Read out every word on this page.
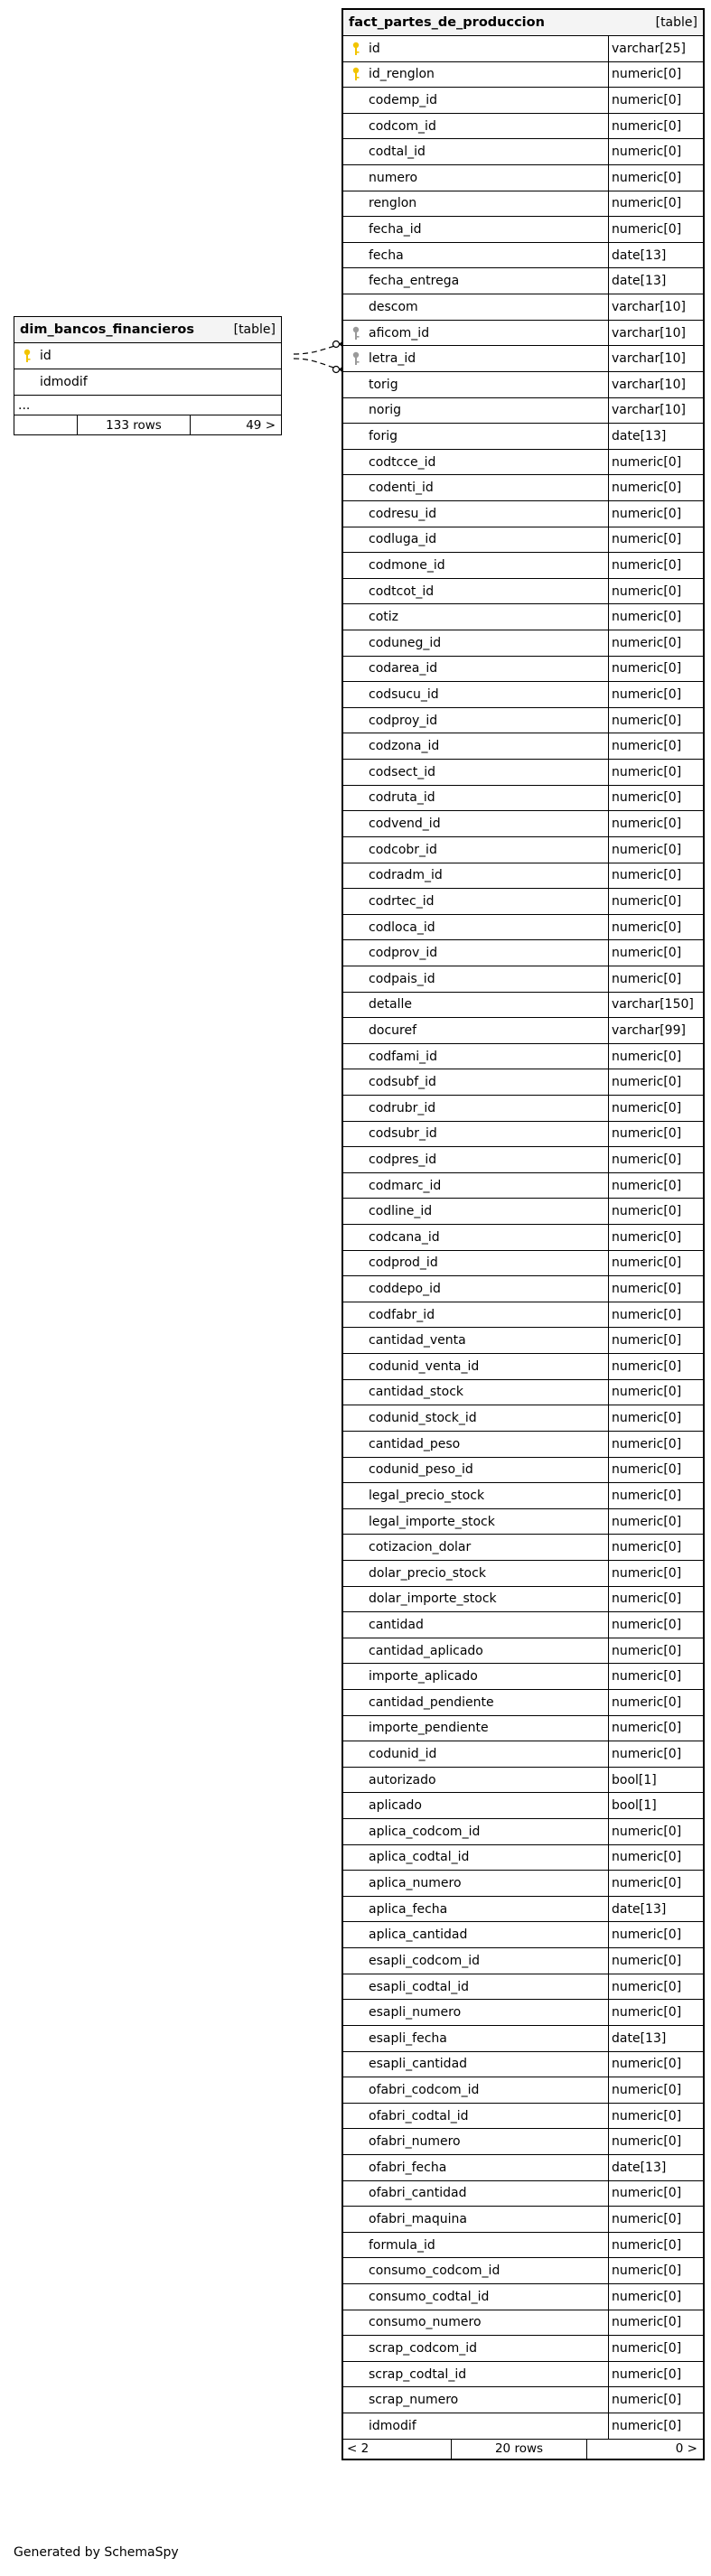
dim_bancos_financieros	[table]
id
idmodif
...
133 rows	49 >
fact_partes_de_produccion	[table]
id	varchar[25]
id_renglon	numeric[0]
codemp_id	numeric[0]
codcom_id	numeric[0]
codtal_id	numeric[0]
numero	numeric[0]
renglon	numeric[0]
fecha_id	numeric[0]
fecha	date[13]
fecha_entrega	date[13]
descom	varchar[10]
aficom_id	varchar[10]
letra_id	varchar[10]
torig	varchar[10]
norig	varchar[10]
forig	date[13]
codtcce_id	numeric[0]
codenti_id	numeric[0]
codresu_id	numeric[0]
codluga_id	numeric[0]
codmone_id	numeric[0]
codtcot_id	numeric[0]
cotiz	numeric[0]
coduneg_id	numeric[0]
codarea_id	numeric[0]
codsucu_id	numeric[0]
codproy_id	numeric[0]
codzona_id	numeric[0]
codsect_id	numeric[0]
codruta_id	numeric[0]
codvend_id	numeric[0]
codcobr_id	numeric[0]
codradm_id	numeric[0]
codrtec_id	numeric[0]
codloca_id	numeric[0]
codprov_id	numeric[0]
codpais_id	numeric[0]
detalle	varchar[150]
docuref	varchar[99]
codfami_id	numeric[0]
codsubf_id	numeric[0]
codrubr_id	numeric[0]
codsubr_id	numeric[0]
codpres_id	numeric[0]
codmarc_id	numeric[0]
codline_id	numeric[0]
codcana_id	numeric[0]
codprod_id	numeric[0]
coddepo_id	numeric[0]
codfabr_id	numeric[0]
cantidad_venta	numeric[0]
codunid_venta_id	numeric[0]
cantidad_stock	numeric[0]
codunid_stock_id	numeric[0]
cantidad_peso	numeric[0]
codunid_peso_id	numeric[0]
legal_precio_stock	numeric[0]
legal_importe_stock	numeric[0]
cotizacion_dolar	numeric[0]
dolar_precio_stock	numeric[0]
dolar_importe_stock	numeric[0]
cantidad	numeric[0]
cantidad_aplicado	numeric[0]
importe_aplicado	numeric[0]
cantidad_pendiente	numeric[0]
importe_pendiente	numeric[0]
codunid_id	numeric[0]
autorizado	bool[1]
aplicado	bool[1]
aplica_codcom_id	numeric[0]
aplica_codtal_id	numeric[0]
aplica_numero	numeric[0]
aplica_fecha	date[13]
aplica_cantidad	numeric[0]
esapli_codcom_id	numeric[0]
esapli_codtal_id	numeric[0]
esapli_numero	numeric[0]
esapli_fecha	date[13]
esapli_cantidad	numeric[0]
ofabri_codcom_id	numeric[0]
ofabri_codtal_id	numeric[0]
ofabri_numero	numeric[0]
ofabri_fecha	date[13]
ofabri_cantidad	numeric[0]
ofabri_maquina	numeric[0]
formula_id	numeric[0]
consumo_codcom_id	numeric[0]
consumo_codtal_id	numeric[0]
consumo_numero	numeric[0]
scrap_codcom_id	numeric[0]
scrap_codtal_id	numeric[0]
scrap_numero	numeric[0]
idmodif	numeric[0]
< 2	20 rows	0 >
Generated by SchemaSpy
